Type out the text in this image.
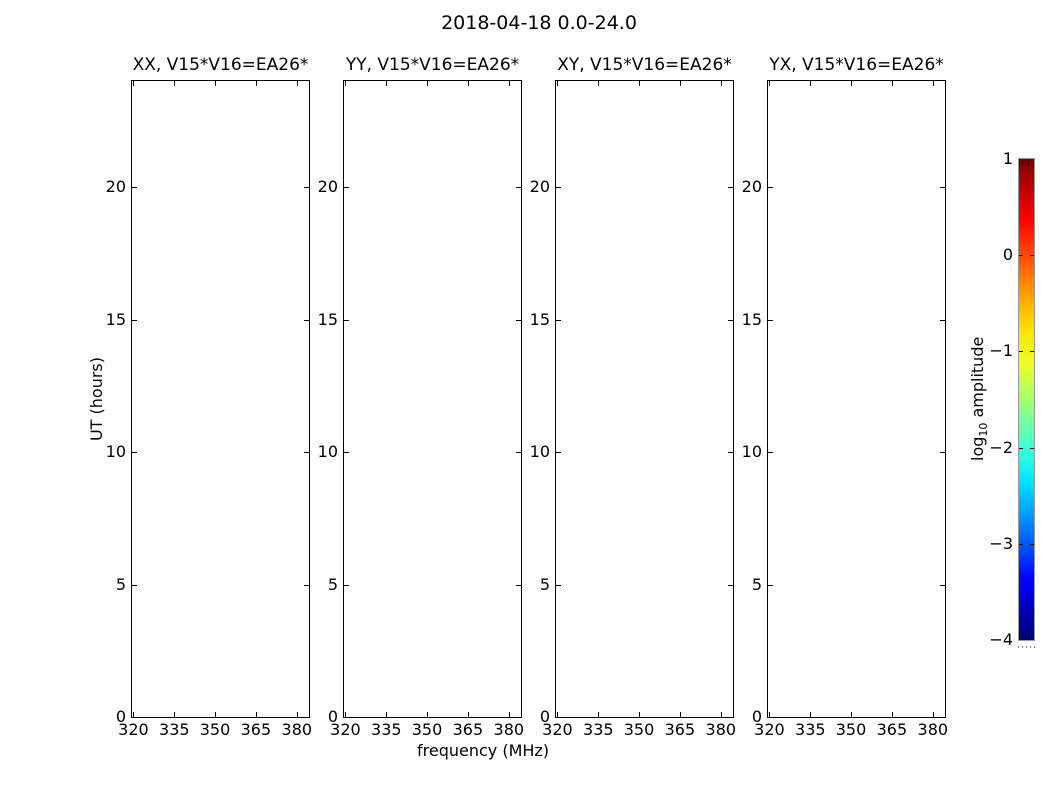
2018-04-18 0.0-24.0
XX, V15*V16=EA26*
320 335 350 365 380
20
15
10
5
0
YY, V15*V16=EA26*
320 335 350 365 380
20
15
10
5
0
XY, V15*V16=EA26*
320 335 350 365 380
20
15
10
5
0
YX, V15*V16=EA26*
320 335 350 365 380
20
15
10
5
0
frequency (MHz)
UT (hours)
1
0
−1
−2
−3
−4
$\log_{10}$ amplitude
